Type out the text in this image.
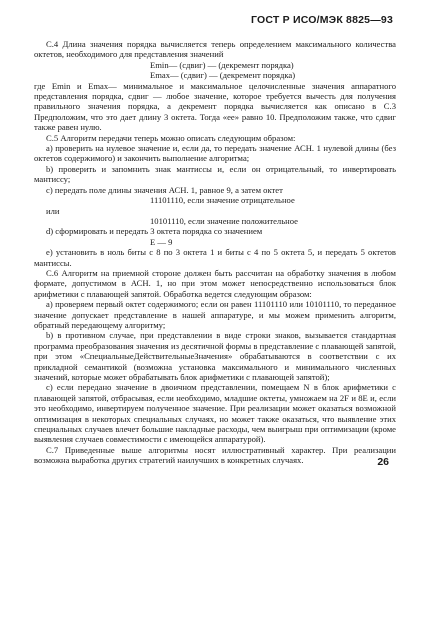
ГОСТ Р ИСО/МЭК 8825—93

С.4 Длина значения порядка вычисляется теперь определением максимального количества октетов, необходимого для представления значений

Emin— (сдвиг) — (декремент порядка)

Emax— (сдвиг) — (декремент порядка)

где Emin и Emax— минимальное и максимальное целочисленные значения аппаратного представления порядка, сдвиг — любое значение, которое требуется вычесть для получения правильного значения порядка, а декремент порядка вычисляется как описано в С.3 Предположим, что это дает длину 3 октета. Тогда «ее» равно 10. Предположим также, что сдвиг также равен нулю.

С.5 Алгоритм передачи теперь можно описать следующим образом:

а) проверить на нулевое значение и, если да, то передать значение АСН. 1 нулевой длины (без октетов содержимого) и закончить выполнение алгоритма;

b) проверить и запомнить знак мантиссы и, если он отрицательный, то инвертировать мантиссу;

с) передать поле длины значения АСН. 1, равное 9, а затем октет

11101110, если значение отрицательное

или

10101110, если значение положительное

d) сформировать и передать 3 октета порядка со значением

E — 9

е) установить в ноль биты с 8 по 3 октета 1 и биты с 4 по 5 октета 5, и передать 5 октетов мантиссы.

С.6 Алгоритм на приемной стороне должен быть рассчитан на обработку значения в любом формате, допустимом в АСН. 1, но при этом может непосредственно использоваться блок арифметики с плавающей запятой. Обработка ведется следующим образом:

а) проверяем первый октет содержимого; если он равен 11101110 или 10101110, то переданное значение допускает представление в нашей аппаратуре, и мы можем применить алгоритм, обратный передающему алгоритму;

b) в противном случае, при представлении в виде строки знаков, вызывается стандартная программа преобразования значения из десятичной формы в представление с плавающей запятой, при этом «СпециальныеДействительныеЗначения» обрабатываются в соответствии с их прикладной семантикой (возможна установка максимального и минимального численных значений, которые может обрабатывать блок арифметики с плавающей запятой);

с) если передано значение в двоичном представлении, помещаем N в блок арифметики с плавающей запятой, отбрасывая, если необходимо, младшие октеты, умножаем на 2F и 8E и, если это необходимо, инвертируем полученное значение. При реализации может оказаться возможной оптимизация в некоторых специальных случаях, но может также оказаться, что выявление этих специальных случаев влечет большие накладные расходы, чем выигрыш при оптимизации (кроме выявления случаев совместимости с имеющейся аппаратурой).

С.7 Приведенные выше алгоритмы носят иллюстративный характер. При реализации возможна выработка других стратегий наилучших в конкретных случаях.	26
